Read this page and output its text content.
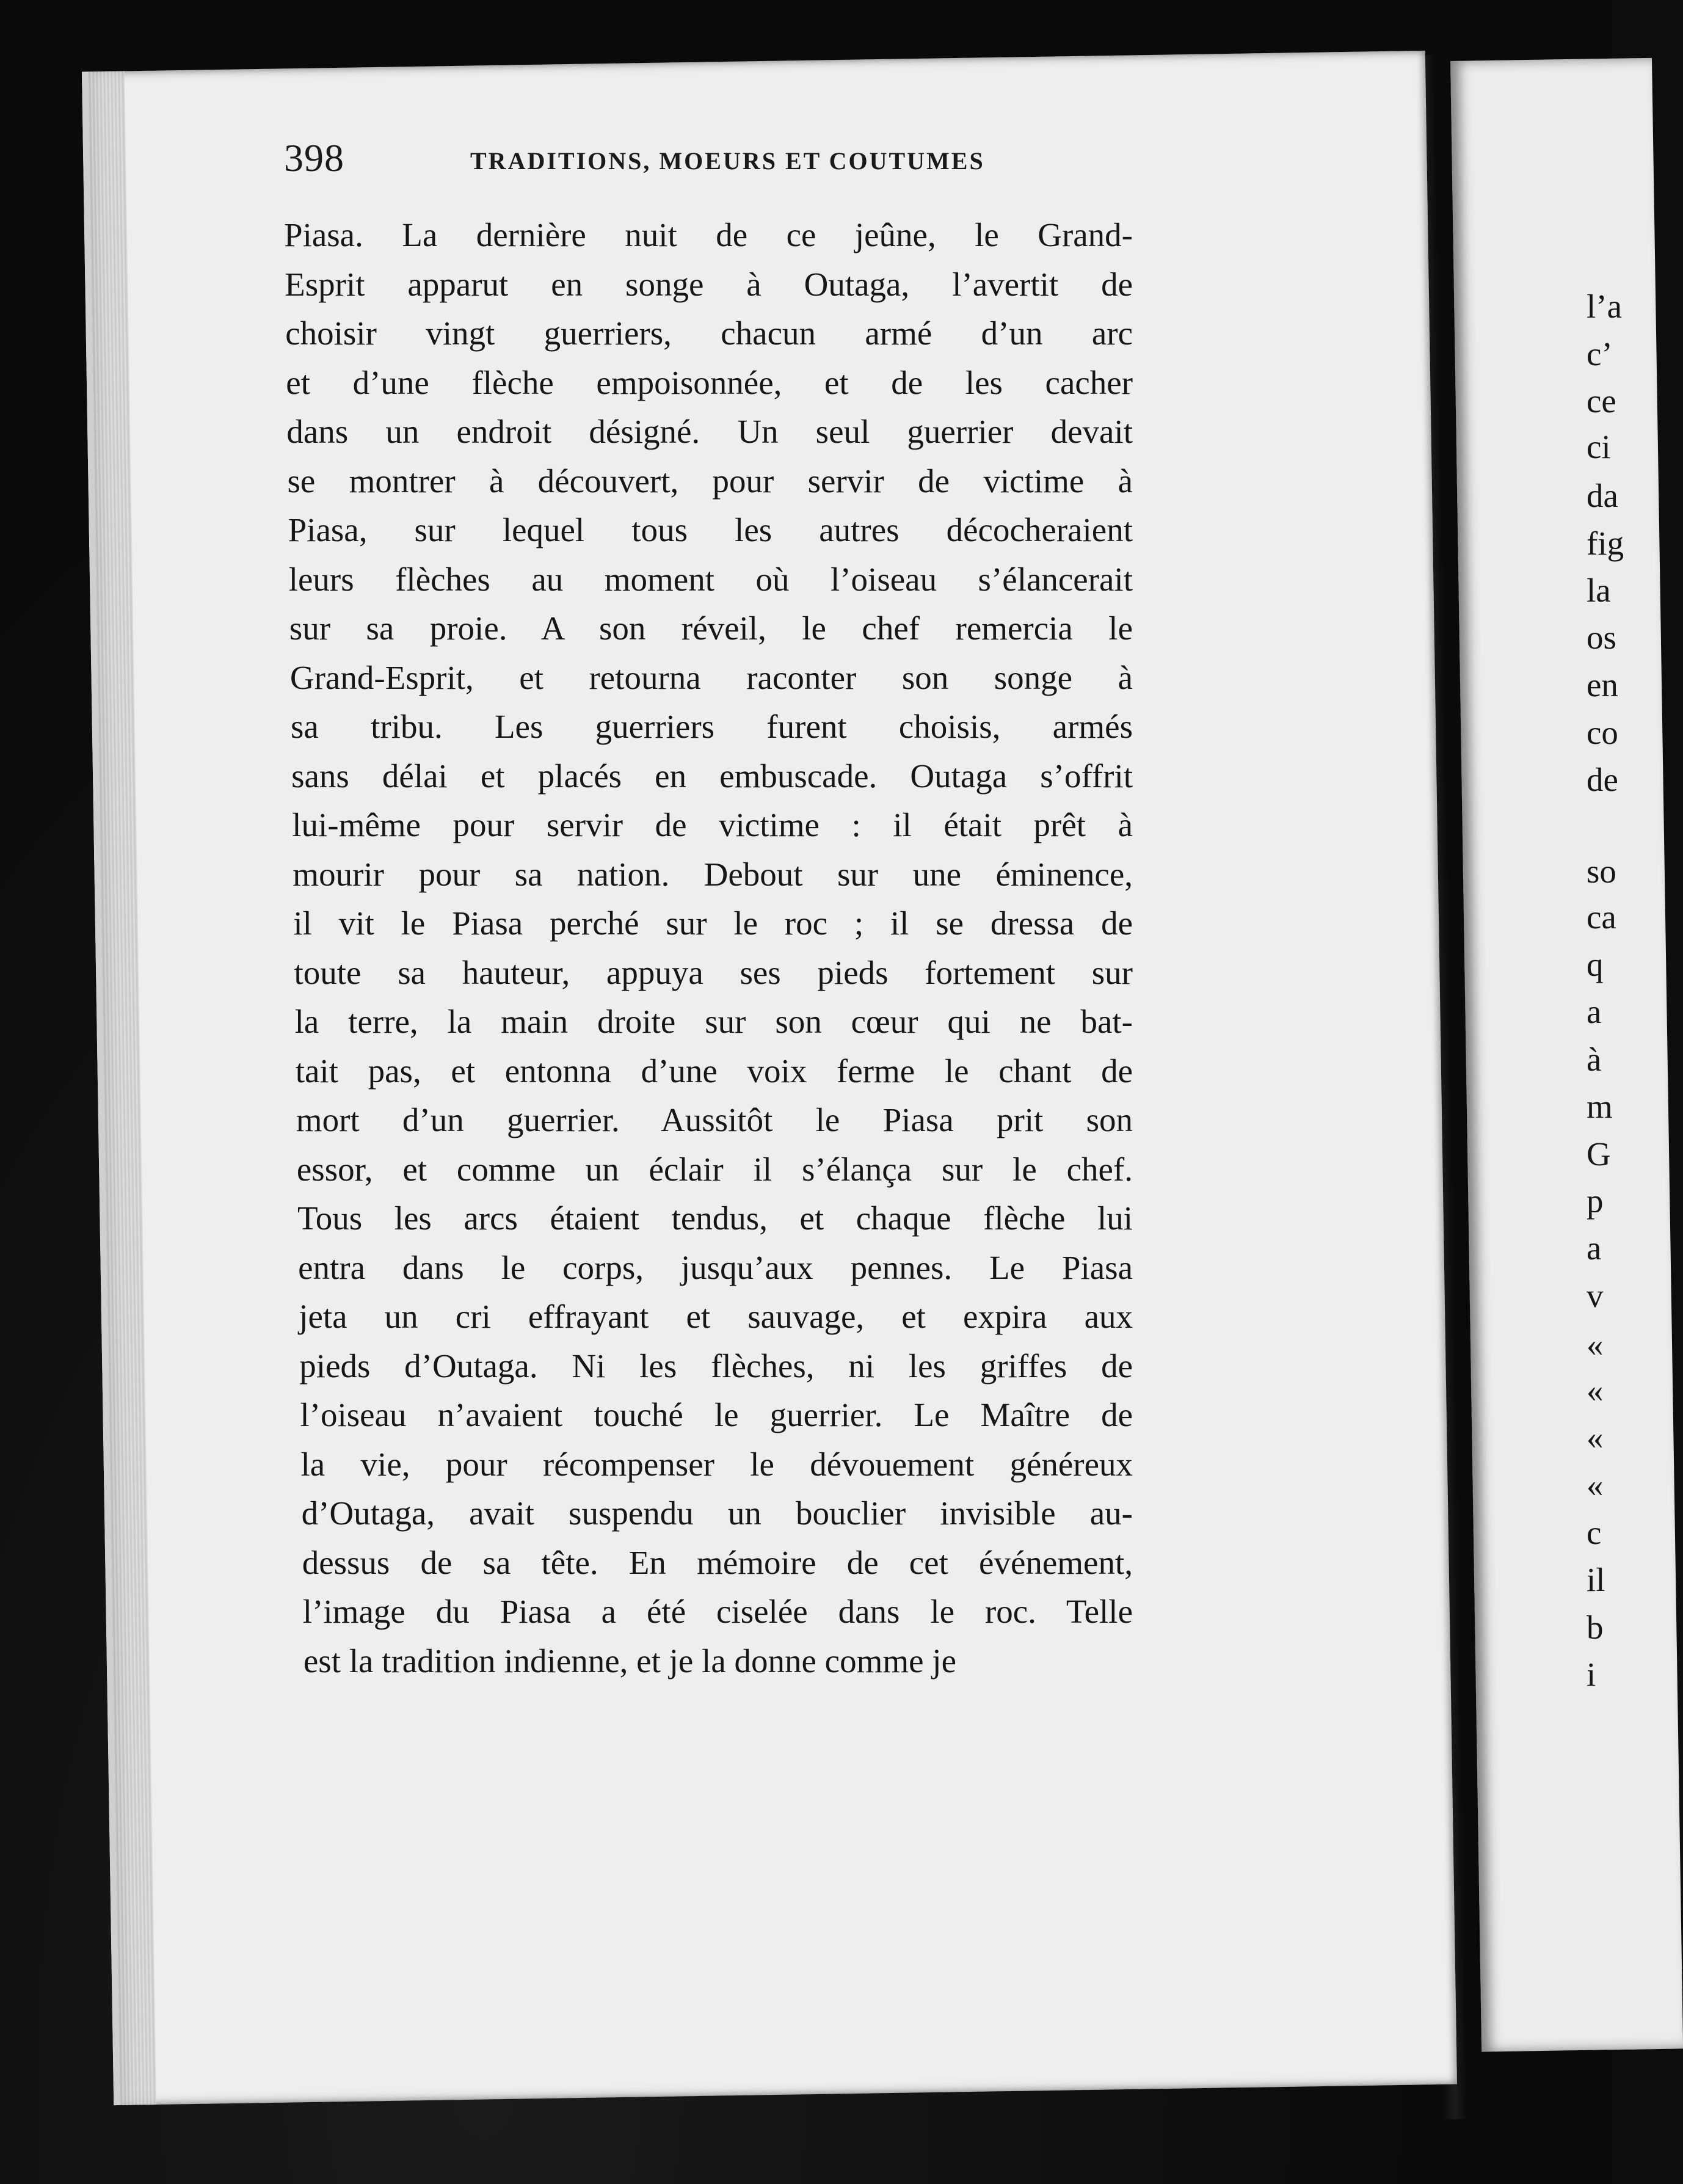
398	TRADITIONS, MOEURS ET COUTUMES
Piasa. La dernière nuit de ce jeûne, le Grand-
Esprit apparut en songe à Outaga, l’avertit de
choisir vingt guerriers, chacun armé d’un arc
et d’une flèche empoisonnée, et de les cacher
dans un endroit désigné. Un seul guerrier devait
se montrer à découvert, pour servir de victime à
Piasa, sur lequel tous les autres décocheraient
leurs flèches au moment où l’oiseau s’élancerait
sur sa proie. A son réveil, le chef remercia le
Grand-Esprit, et retourna raconter son songe à
sa tribu. Les guerriers furent choisis, armés
sans délai et placés en embuscade. Outaga s’offrit
lui-même pour servir de victime : il était prêt à
mourir pour sa nation. Debout sur une éminence,
il vit le Piasa perché sur le roc ; il se dressa de
toute sa hauteur, appuya ses pieds fortement sur
la terre, la main droite sur son cœur qui ne bat-
tait pas, et entonna d’une voix ferme le chant de
mort d’un guerrier. Aussitôt le Piasa prit son
essor, et comme un éclair il s’élança sur le chef.
Tous les arcs étaient tendus, et chaque flèche lui
entra dans le corps, jusqu’aux pennes. Le Piasa
jeta un cri effrayant et sauvage, et expira aux
pieds d’Outaga. Ni les flèches, ni les griffes de
l’oiseau n’avaient touché le guerrier. Le Maître de
la vie, pour récompenser le dévouement généreux
d’Outaga, avait suspendu un bouclier invisible au-
dessus de sa tête. En mémoire de cet événement,
l’image du Piasa a été ciselée dans le roc. Telle
est la tradition indienne, et je la donne comme je
l’a
c’
ce
ci
da
fig
la
os
en
co
de
so
ca
q
a
à
m
G
p
a
v
«
«
«
«
c
il
b
i
